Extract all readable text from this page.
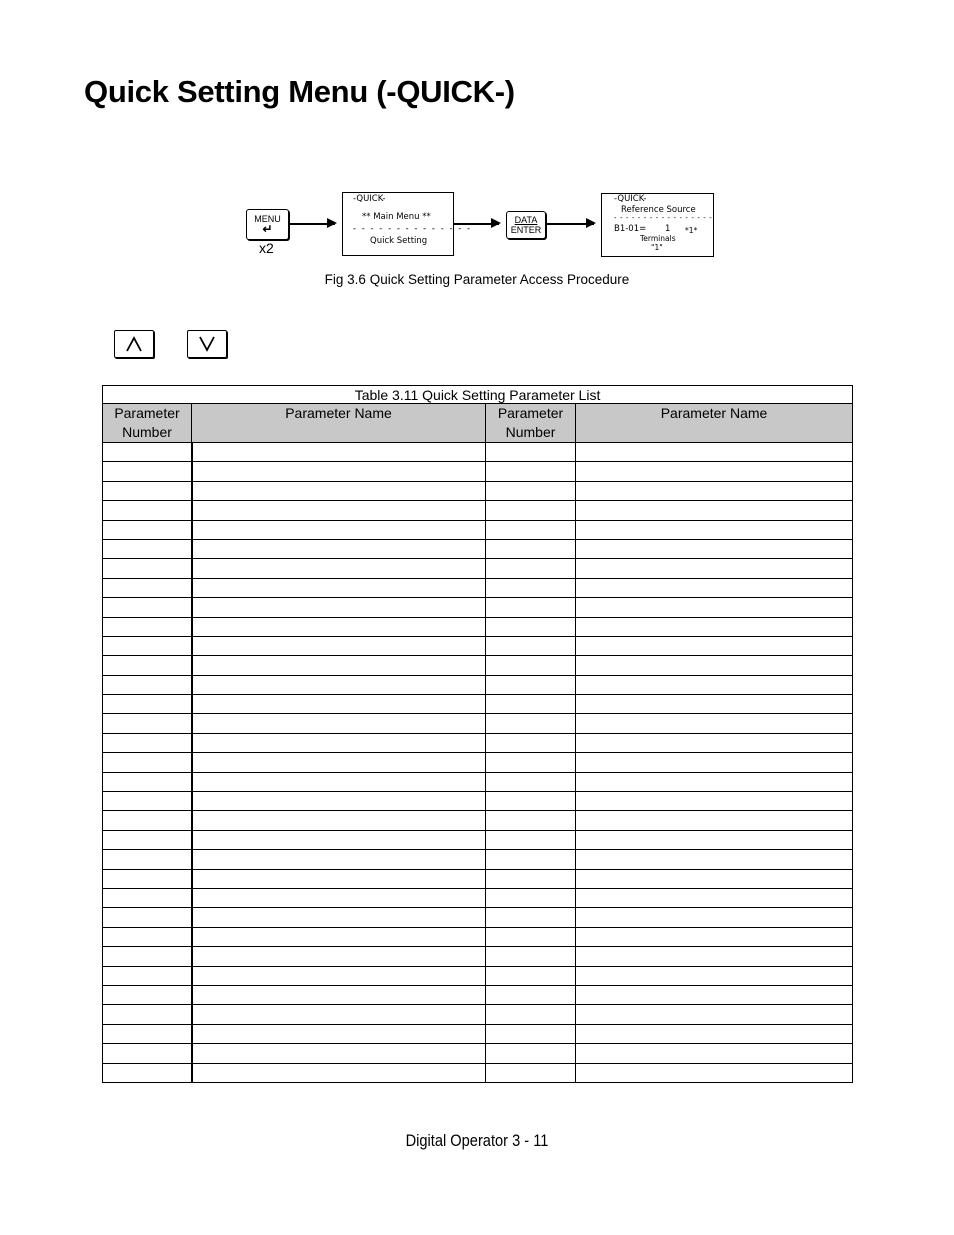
Quick Setting Menu (-QUICK-)
MENU
↵
x2
-QUICK-
** Main Menu **
- - - - - - - - - - - - - -
Quick Setting
DATA
ENTER
-QUICK-
Reference Source
- - - - - - - - - - - - - - - - -
B1-01= 1 *1*
Terminals
"1"
Fig 3.6 Quick Setting Parameter Access Procedure
Table 3.11 Quick Setting Parameter List			
Parameter
Number	Parameter Name	Parameter
Number	Parameter Name

Digital Operator 3 - 11
